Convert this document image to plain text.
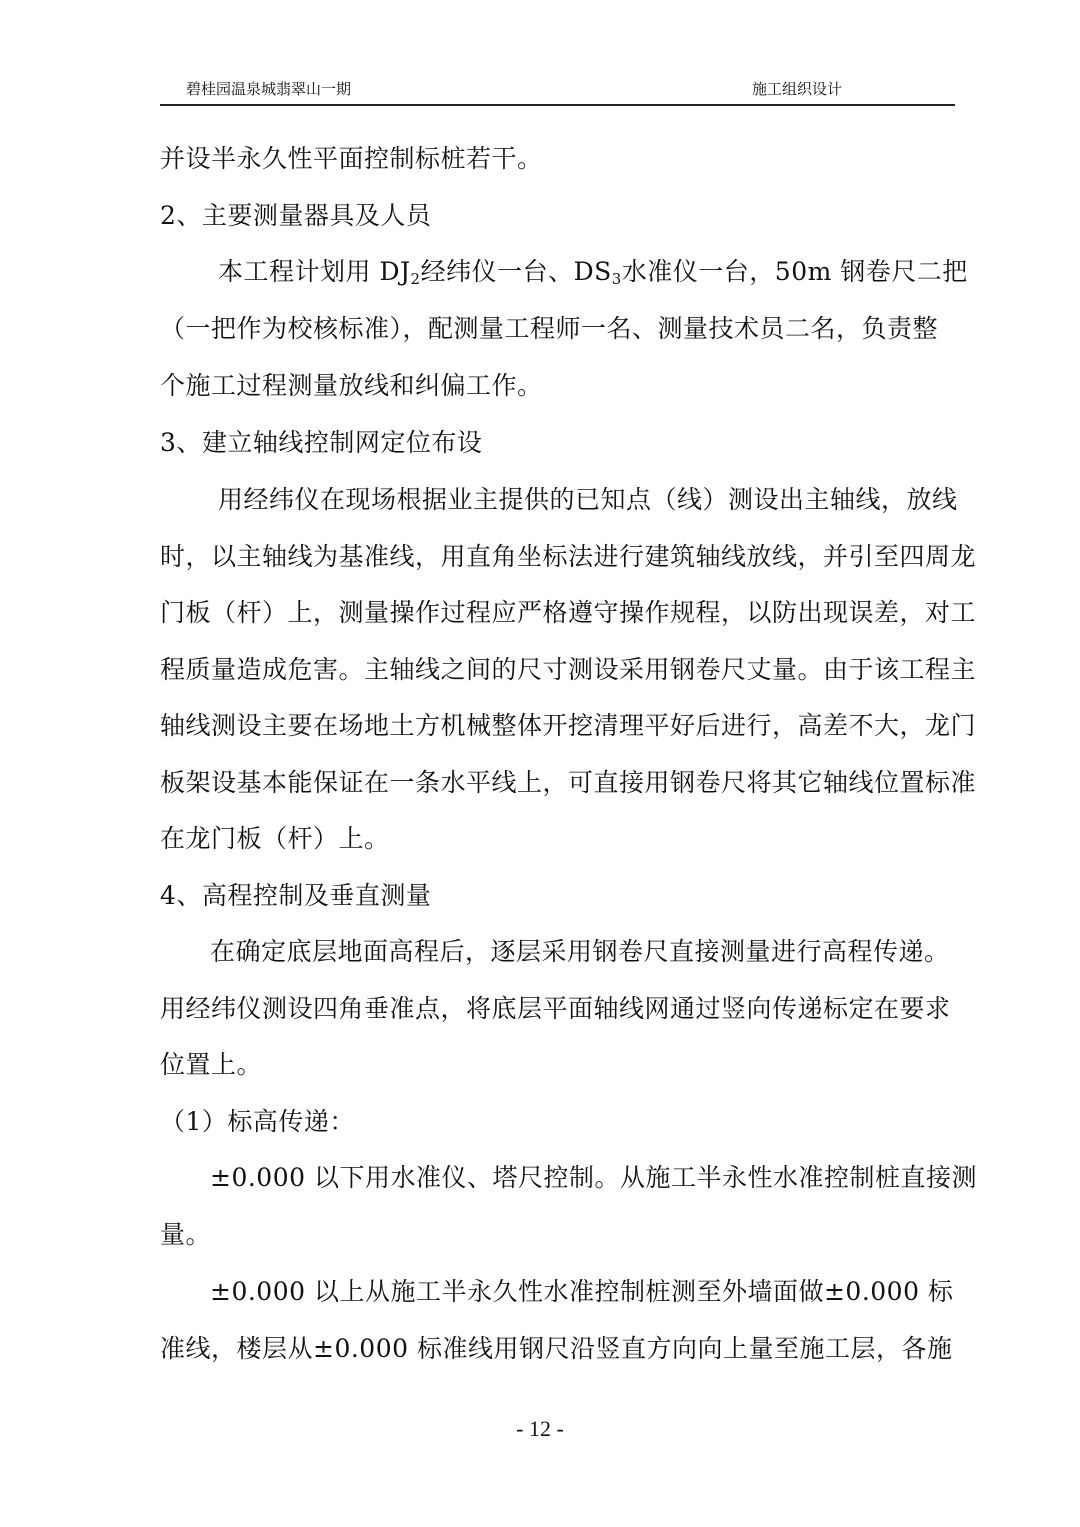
碧桂园温泉城翡翠山一期	施工组织设计
并设半永久性平面控制标桩若干。
2、主要测量器具及人员
本工程计划用 $DJ_2$经纬仪一台、$DS_3$水准仪一台，50m 钢卷尺二把
（一把作为校核标准），配测量工程师一名、测量技术员二名，负责整
个施工过程测量放线和纠偏工作。
3、建立轴线控制网定位布设
用经纬仪在现场根据业主提供的已知点（线）测设出主轴线，放线
时，以主轴线为基准线，用直角坐标法进行建筑轴线放线，并引至四周龙
门板（杆）上，测量操作过程应严格遵守操作规程，以防出现误差，对工
程质量造成危害。主轴线之间的尺寸测设采用钢卷尺丈量。由于该工程主
轴线测设主要在场地土方机械整体开挖清理平好后进行，高差不大，龙门
板架设基本能保证在一条水平线上，可直接用钢卷尺将其它轴线位置标准
在龙门板（杆）上。
4、高程控制及垂直测量
在确定底层地面高程后，逐层采用钢卷尺直接测量进行高程传递。
用经纬仪测设四角垂准点，将底层平面轴线网通过竖向传递标定在要求
位置上。
（1）标高传递：
±0.000 以下用水准仪、塔尺控制。从施工半永性水准控制桩直接测
量。
±0.000 以上从施工半永久性水准控制桩测至外墙面做±0.000 标
准线，楼层从±0.000 标准线用钢尺沿竖直方向向上量至施工层，各施
- 12 -
